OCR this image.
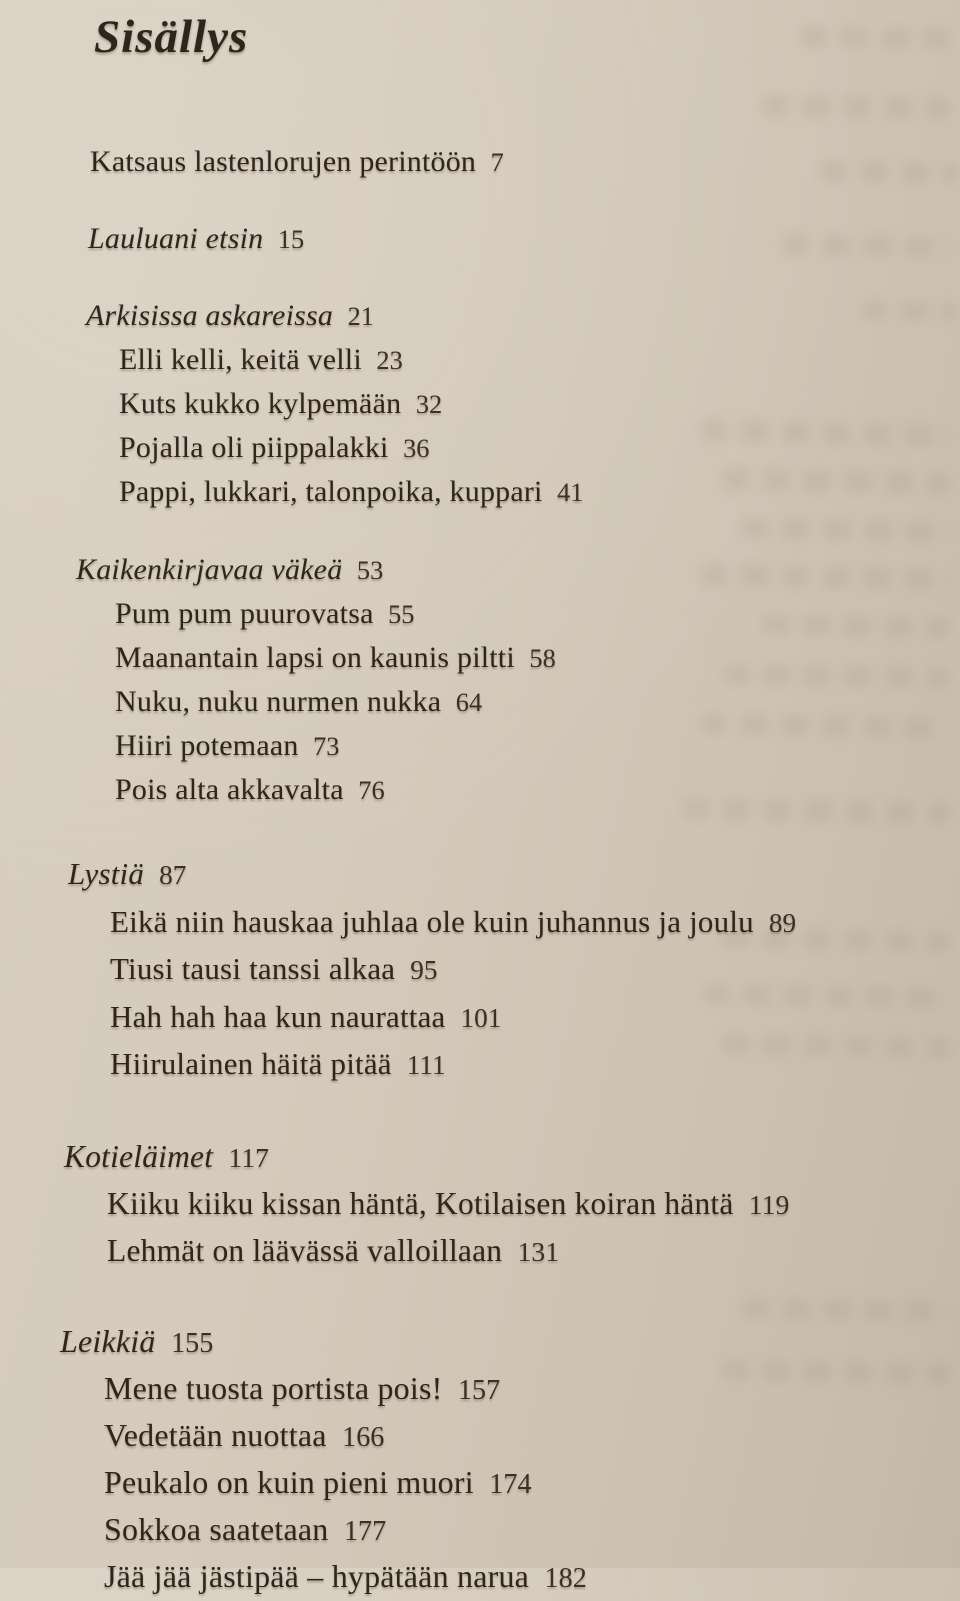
Sisällys
Katsaus lastenlorujen perintöön 7
Lauluani etsin 15
Arkisissa askareissa 21
Elli kelli, keitä velli 23
Kuts kukko kylpemään 32
Pojalla oli piippalakki 36
Pappi, lukkari, talonpoika, kuppari 41
Kaikenkirjavaa väkeä 53
Pum pum puurovatsa 55
Maanantain lapsi on kaunis piltti 58
Nuku, nuku nurmen nukka 64
Hiiri potemaan 73
Pois alta akkavalta 76
Lystiä 87
Eikä niin hauskaa juhlaa ole kuin juhannus ja joulu 89
Tiusi tausi tanssi alkaa 95
Hah hah haa kun naurattaa 101
Hiirulainen häitä pitää 111
Kotieläimet 117
Kiiku kiiku kissan häntä, Kotilaisen koiran häntä 119
Lehmät on läävässä valloillaan 131
Leikkiä 155
Mene tuosta portista pois! 157
Vedetään nuottaa 166
Peukalo on kuin pieni muori 174
Sokkoa saatetaan 177
Jää jää jästipää – hypätään narua 182
